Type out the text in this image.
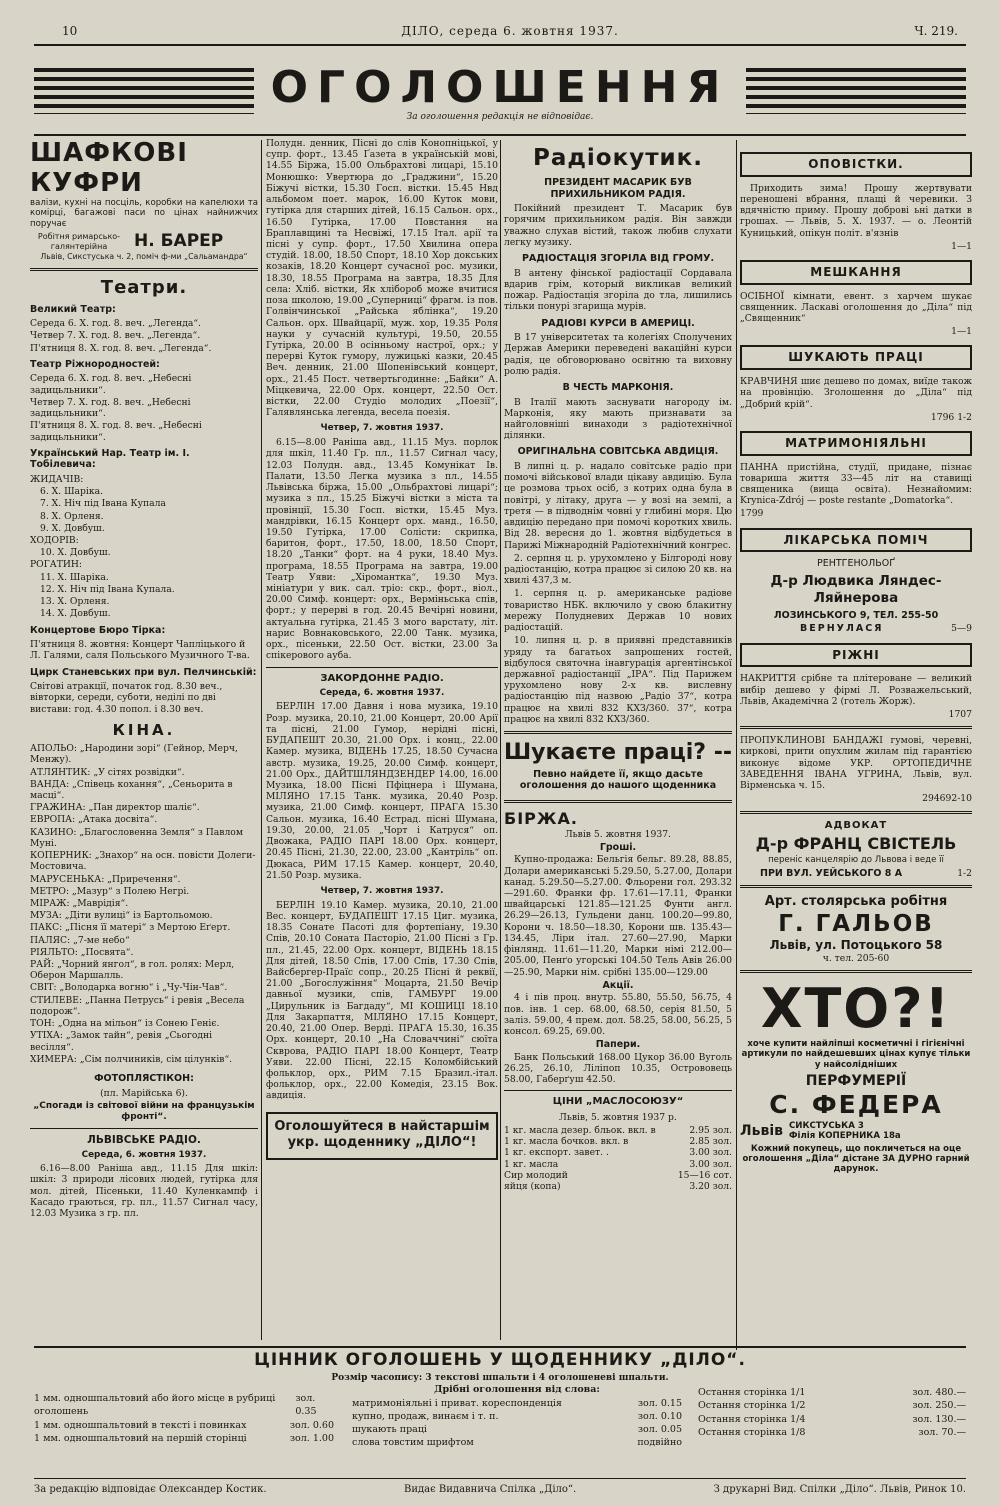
10	ДІЛО, середа 6. жовтня 1937.	Ч. 219.
ОГОЛОШЕННЯ
За оголошення редакція не відповідає.
ШАФКОВІ КУФРИ

валізи, кухні на посціль, коробки на капелюхи та комірці, багажові паси по цінах найнижчих поручає

Робітня римарсько-галянтерійна	Н. БАРЕР

Львів, Сикстуська ч. 2, поміч ф-ми „Сальамандра“

Театри.
Великий Театр:

Середа 6. Х. год. 8. веч. „Легенда“.

Четвер 7. Х. год. 8. веч. „Легенда“.

П'ятниця 8. Х. год. 8. веч. „Легенда“.

Театр Ріжнородностей:

Середа 6. Х. год. 8. веч. „Небесні задицьльники“.

Четвер 7. Х. год. 8. веч. „Небесні задицьльники“.

П'ятниця 8. Х. год. 8. веч. „Небесні задицьльники“.

Український Нар. Театр ім. І. Тобілевича:

ЖИДАЧІВ:

6. Х. Шаріка.

7. Х. Ніч під Івана Купала

8. Х. Орленя.

9. Х. Довбуш.

ХОДОРІВ:

10. Х. Довбуш.

РОГАТИН:

11. Х. Шаріка.

12. Х. Ніч під Івана Купала.

13. Х. Орленя.

14. Х. Довбуш.

Концертове Бюро Тірка:

П'ятниця 8. жовтня: Концерт Чапліцького й Л. Галями, саля Польського Музичного Т-ва.

Цирк Станевських при вул. Пелчинській:

Світові атракції, початок год. 8.30 веч., вівторки, середи, суботи, неділі по дві вистави: год. 4.30 попол. і 8.30 веч.

КІНА.

АПОЛЬО: „Народини зорі“ (Гейнор, Мерч, Менжу).

АТЛЯНТИК: „У сітях розвідки“.

ВАНДА: „Співець кохання“, „Сеньорита в масці“.

ГРАЖИНА: „Пан директор шаліє“.

ЕВРОПА: „Атака досвіта“.

КАЗИНО: „Благословенна Земля“ з Павлом Муні.

КОПЕРНИК: „Знахор“ на осн. повісти Долеги-Мостовича.

МАРУСЕНЬКА: „Приречення“.

МЕТРО: „Мазур“ з Полею Негрі.

МІРАЖ: „Маврідія“.

МУЗА: „Діти вулиці“ із Бартольомою.

ПАКС: „Пісня її матері“ з Мертою Еґерт.

ПАЛЯС: „7-ме небо“

РІЯЛЬТО: „Посвята“.

РАЙ: „Чорний янгол“, в гол. ролях: Мерл, Оберон Маршалль.

СВІТ: „Володарка вогню“ і „Чу-Чін-Чав“.

СТИЛЕВЕ: „Панна Петрусь“ і ревія „Весела подорож“.

ТОН: „Одна на мільон“ із Сонею Геніє.

УТІХА: „Замок тайн“, ревія „Сьогодні весілля“.

ХИМЕРА: „Сім полчиників, сім цілунків“.

ФОТОПЛЯСТІКОН:

(пл. Марійська 6).

„Спогади із світової війни на французькім фронті“.

ЛЬВІВСЬКЕ РАДІО.
Середа, 6. жовтня 1937.

6.16—8.00 Раніша авд., 11.15 Для шкіл: шкіл: 3 природи лісових людей, гутірка для мол. дітей, Пісеньки, 11.40 Куленкампф і Касадо граються, гр. пл., 11.57 Сигнал часу, 12.03 Музика з гр. пл.

Полудн. денник, Пісні до слів Конопніцької, у супр. форт., 13.45 Ґазета в українській мові, 14.55 Біржа, 15.00 Ольбрахтові лицарі, 15.10 Монюшко: Увертюра до „Граджини“, 15.20 Біжучі вістки, 15.30 Госп. вістки. 15.45 Нвд альбомом поет. марок, 16.00 Куток мови, гутірка для старших дітей, 16.15 Сальон. орх., 16.50 Гутірка, 17.00 Повстання на Браплавщині та Несвіжі, 17.15 Італ. арії та пісні у супр. форт., 17.50 Хвилина опера студій. 18.00, 18.50 Спорт, 18.10 Хор докських козаків, 18.20 Концерт сучасної рос. музики, 18.30, 18.55 Програма на завтра, 18.35 Для села: Хліб. вістки, Як хлібороб може вчитися поза школою, 19.00 „Суперниці“ фрагм. із пов. Голвінчинської „Райська яблінка“, 19.20 Сальон. орх. Швайцарії, муж. хор, 19.35 Роля науки у сучасній культурі, 19.50, 20.55 Гутірка, 20.00 В осінньому настрої, орх.; у перерві Куток гумору, лужицькі казки, 20.45 Веч. денник, 21.00 Шопенівський концерт, орх., 21.45 Пост. четвертьгодинне: „Байки“ А. Міцкевича, 22.00 Орх. концерт, 22.50 Ост. вістки, 22.00 Студіо молодих „Поезії“, Галявлянська легенда, весела поезія.

Четвер, 7. жовтня 1937.

6.15—8.00 Раніша авд., 11.15 Муз. порлок для шкіл, 11.40 Гр. пл., 11.57 Сигнал часу, 12.03 Полудн. авд., 13.45 Комунікат Ів. Палати, 13.50 Легка музика з пл., 14.55 Львівська біржа, 15.00 „Ольбрахтові лицарі“; музика з пл., 15.25 Біжучі вістки з міста та провінції, 15.30 Госп. вістки, 15.45 Муз. мандрівки, 16.15 Концерт орх. манд., 16.50, 19.50 Гутірка, 17.00 Солісти: скрипка, баритон, форт., 17.50, 18.00, 18.50 Спорт, 18.20 „Танки“ форт. на 4 руки, 18.40 Муз. програма, 18.55 Програма на завтра, 19.00 Театр Уяви: „Хіромантка“, 19.30 Муз. мініатури у вик. сал. тріо: скр., форт., віол., 20.00 Симф. концерт: орх., Верміньська спів, форт.; у перерві в год. 20.45 Вечірні новини, актуальна гутірка, 21.45 З мого варстату, літ. нарис Вовнаковського, 22.00 Танк. музика, орх., пісеньки, 22.50 Ост. вістки, 23.00 За спікерового ауба.

ЗАКОРДОННЕ РАДІО.
Середа, 6. жовтня 1937.

БЕРЛІН 17.00 Давня і нова музика, 19.10 Розр. музика, 20.10, 21.00 Концерт, 20.00 Арії та пісні, 21.00 Гумор, нерідні пісні, БУДАПЕШТ 20.30, 21.00 Орх. і конц., 22.00 Камер. музика, ВІДЕНЬ 17.25, 18.50 Сучасна австр. музика, 19.25, 20.00 Симф. концерт, 21.00 Орх., ДАЙТШЛЯНДЗЕНДЕР 14.00, 16.00 Музика, 18.00 Пісні Пфіцнера і Шумана, МІЛЯНО 17.15 Танк. музика, 20.40 Розр. музика, 21.00 Симф. концерт, ПРАГА 15.30 Сальон. музика, 16.40 Естрад. пісні Шумана, 19.30, 20.00, 21.05 „Чорт і Катруся“ оп. Двожака, РАДІО ПАРІ 18.00 Орх. концерт, 20.45 Пісні, 21.30, 22.00, 23.00 „Кантріль“ оп. Дюкаса, РИМ 17.15 Камер. концерт, 20.40, 21.50 Розр. музика.

Четвер, 7. жовтня 1937.

БЕРЛІН 19.10 Камер. музика, 20.10, 21.00 Вес. концерт, БУДАПЕШТ 17.15 Циг. музика, 18.35 Сонате Пасоті для фортепіану, 19.30 Спів, 20.10 Соната Пасторіо, 21.00 Пісні з Гр. пл., 21.45, 22.00 Орх. концерт, ВІДЕНЬ 18.15 Для дітей, 18.50 Спів, 17.00 Спів, 17.30 Спів, Вайсбергер-Праїс сопр., 20.25 Пісні й реквії, 21.00 „Богослужіння“ Моцарта, 21.50 Вечір давньої музики, спів, ГАМБУРГ 19.00 „Цирульник із Багдаду“, МІ КОШИЦІ 18.10 Для Закарпаття, МІЛЯНО 17.15 Концерт, 20.40, 21.00 Опер. Верді. ПРАГА 15.30, 16.35 Орх. концерт, 20.10 „На Словаччині“ сюїта Скврова, РАДІО ПАРІ 18.00 Концерт, Театр Уяви. 22.00 Пісні, 22.15 Коломбійський фольклор, орх., РИМ 7.15 Бразил.-італ. фольклор, орх., 22.00 Комедія, 23.15 Вок. авдиція.

Оголошуйтеся в найстаршім укр. щоденнику „ДІЛО“!

Радіокутик.
ПРЕЗИДЕНТ МАСАРИК БУВ ПРИХИЛЬНИКОМ РАДІЯ.

Покійний президент Т. Масарик був горячим прихильником радія. Він завжди уважно слухав вістий, також любив слухати легку музику.

РАДІОСТАЦІЯ ЗГОРІЛА ВІД ГРОМУ.

В антену фінської радіостації Сордавала вдарив грім, который викликав великий пожар. Радіостація згоріла до тла, лишились тільки понурі згарища мурів.

РАДІОВІ КУРСИ В АМЕРИЦІ.

В 17 університетах та колегіях Сполучених Держав Америки переведені вакаційні курси радія, це обговорювано освітню та виховну ролю радія.

В ЧЕСТЬ МАРКОНІЯ.

В Італії мають заснувати нагороду ім. Марконія, яку мають признавати за найголовніші винаходи з радіотехнічної ділянки.

ОРИГІНАЛЬНА СОВІТСЬКА АВДИЦІЯ.

В липні ц. р. надало совітське радіо при помочі військової влади цікаву авдицію. Була це розмова трьох осіб, з котрих одна була в повітрі, у літаку, друга — у возі на землі, а третя — в підводнім човні у глибині моря. Цю авдицію передано при помочі коротких хвиль. Від 28. вересня до 1. жовтня відбудеться в Парижі Міжнародній Радіотехнічний конгрес.

2. серпня ц. р. урухомлено у Білгороді нову радіостанцію, котра працює зі силою 20 кв. на хвилі 437,3 м.

1. серпня ц. р. американське радіове товариство НБК. включило у свою блакитну мережу Полудневих Держав 10 нових радіостацій.

10. липня ц. р. в приявні представників уряду та багатьох запрошених гостей, відбулося святочна інавгурація аргентінської державної радіостанції „ІРА“. Під Парижем урухомлено нову 2-х кв. вислевну радіостанцію під назвою „Радіо 37“, котра працює на хвилі 832 КХЗ/360. 37“, котра працює на хвилі 832 КХЗ/360.

Шукаєте праці? --

Певно найдете її, якщо дасьте оголошення до нашого щоденника

БІРЖА.

Львів 5. жовтня 1937.

Гроші.

Купно-продажа: Бельгія бельг. 89.28, 88.85, Долари американські 5.29.50, 5.27.00, Долари канад. 5.29.50—5.27.00. Фльорени гол. 293.32—291.60. Франки фр. 17.61—17.11, Франки швайцарські 121.85—121.25 Фунти англ. 26.29—26.13, Гульдени данц. 100.20—99.80, Корони ч. 18.50—18.30, Корони шв. 135.43—134.45, Ліри італ. 27.60—27.90, Марки фінлянд. 11.61—11.20, Марки німі 212.00—205.00, Пенґо угорські 104.50 Тель Авів 26.00—25.90, Марки нім. срібні 135.00—129.00

Акції.

4 і пів проц. внутр. 55.80, 55.50, 56.75, 4 пов. інв. 1 сер. 68.00, 68.50, серія 81.50, 5 заліз. 59.00, 4 прем. дол. 58.25, 58.00, 56.25, 5 консол. 69.25, 69.00.

Папери.

Банк Польський 168.00 Цукор 36.00 Вуголь 26.25, 26.10, Ліліпоп 10.35, Острововець 58.00, Габерґуш 42.50.

ЦІНИ „МАСЛОСОЮЗУ“

Львів, 5. жовтня 1937 р.

1 кг. масла дезер. бльок. вкл. в	2.95 зол.
1 кг. масла бочков. вкл. в	2.85 зол.
1 кг. експорт. завет. .	3.00 зол.
1 кг. масла	3.00 зол.
Сир молодий	15—16 сот.
яйця (копа)	3.20 зол.
ОПОВІСТКИ.

Приходить зима! Прошу жертвувати переношені вбрання, плащі й черевики. З вдячністю приму. Прошу доброві ьні датки в грошах. — Львів, 5. Х. 1937. — о. Леонтій Куницький, опікун політ. в'язнів

1—1

МЕШКАННЯ

ОСІБНОЇ кімнати, евент. з харчем шукає священник. Ласкаві оголошення до „Діла“ під „Священник“

1—1

ШУКАЮТЬ ПРАЦІ

КРАВЧИНЯ шиє дешево по домах, виїде також на провінцію. Зголошення до „Діла“ під „Добрий крій“.

1796 1-2

МАТРИМОНІЯЛЬНІ

ПАННА пристійна, студії, придане, пізнає товариша життя 33—45 літ на ставищі священика (вища освіта). Незнайомим: Krynica-Zdrój — poste restante „Domatorka“.

1799

ЛІКАРСЬКА ПОМІЧ

РЕНТГЕНОЛЬОҐ

Д-р Людвика Ляндес-Ляйнерова

ЛОЗИНСЬКОГО 9, ТЕЛ. 255-50

ВЕРНУЛАСЯ	5—9
РІЖНІ

НАКРИТТЯ срібне та плітероване — великий вибір дешево у фірмі Л. Розважельський, Львів, Академічна 2 (готель Жорж).

1707

ПРОПУКЛИНОВІ БАНДАЖІ гумові, черевні, киркові, прити опухлим жилам під гарантією виконує відоме УКР. ОРТОПЕДИЧНЕ ЗАВЕДЕННЯ ІВАНА УГРИНА, Львів, вул. Вірменська ч. 15.

294692-10

АДВОКАТ
Д-р ФРАНЦ СВІСТЕЛЬ

переніс канцелярію до Львова і веде її

ПРИ ВУЛ. УЕЙСЬКОГО 8 А	1-2
Арт. столярська робітня
Г. ГАЛЬОВ
Львів, ул. Потоцького 58

ч. тел. 205-60

ХТО?!

хоче купити найліпші косметичні і гігієнічні артикули по найдешевших цінах купує тільки у найсолідніших

ПЕРФУМЕРІЇ
С. ФЕДЕРА
Львів СИКСТУСЬКА 3
Філія КОПЕРНИКА 18а

Кожний покупець, що покличеться на оце оголошення „Діла“ дістане ЗА ДУРНО гарний дарунок.

ЦІННИК ОГОЛОШЕНЬ У ЩОДЕННИКУ „ДІЛО“.
Розмір часопису: 3 текстові шпальти і 4 оголошеневі шпальти.
1 мм. одношпальтовий або його місце в рубриці оголошень
зол. 0.35
1 мм. одношпальтовий в тексті і повинках	зол. 0.60
1 мм. одношпальтовий на першій сторінці	зол. 1.00
Дрібні оголошення від слова:
матримоніяльні і приват. кореспонденція	зол. 0.15
купно, продаж, винаєм і т. п.	зол. 0.10
шукають праці	зол. 0.05
слова товстим шрифтом	подвійно
Остання сторінка 1/1	зол. 480.—
Остання сторінка 1/2	зол. 250.—
Остання сторінка 1/4	зол. 130.—
Остання сторінка 1/8	зол. 70.—
За редакцію відповідає Олександер Костик.	Видає Видавнича Спілка „Діло“.	З друкарні Вид. Спілки „Діло“. Львів, Ринок 10.
